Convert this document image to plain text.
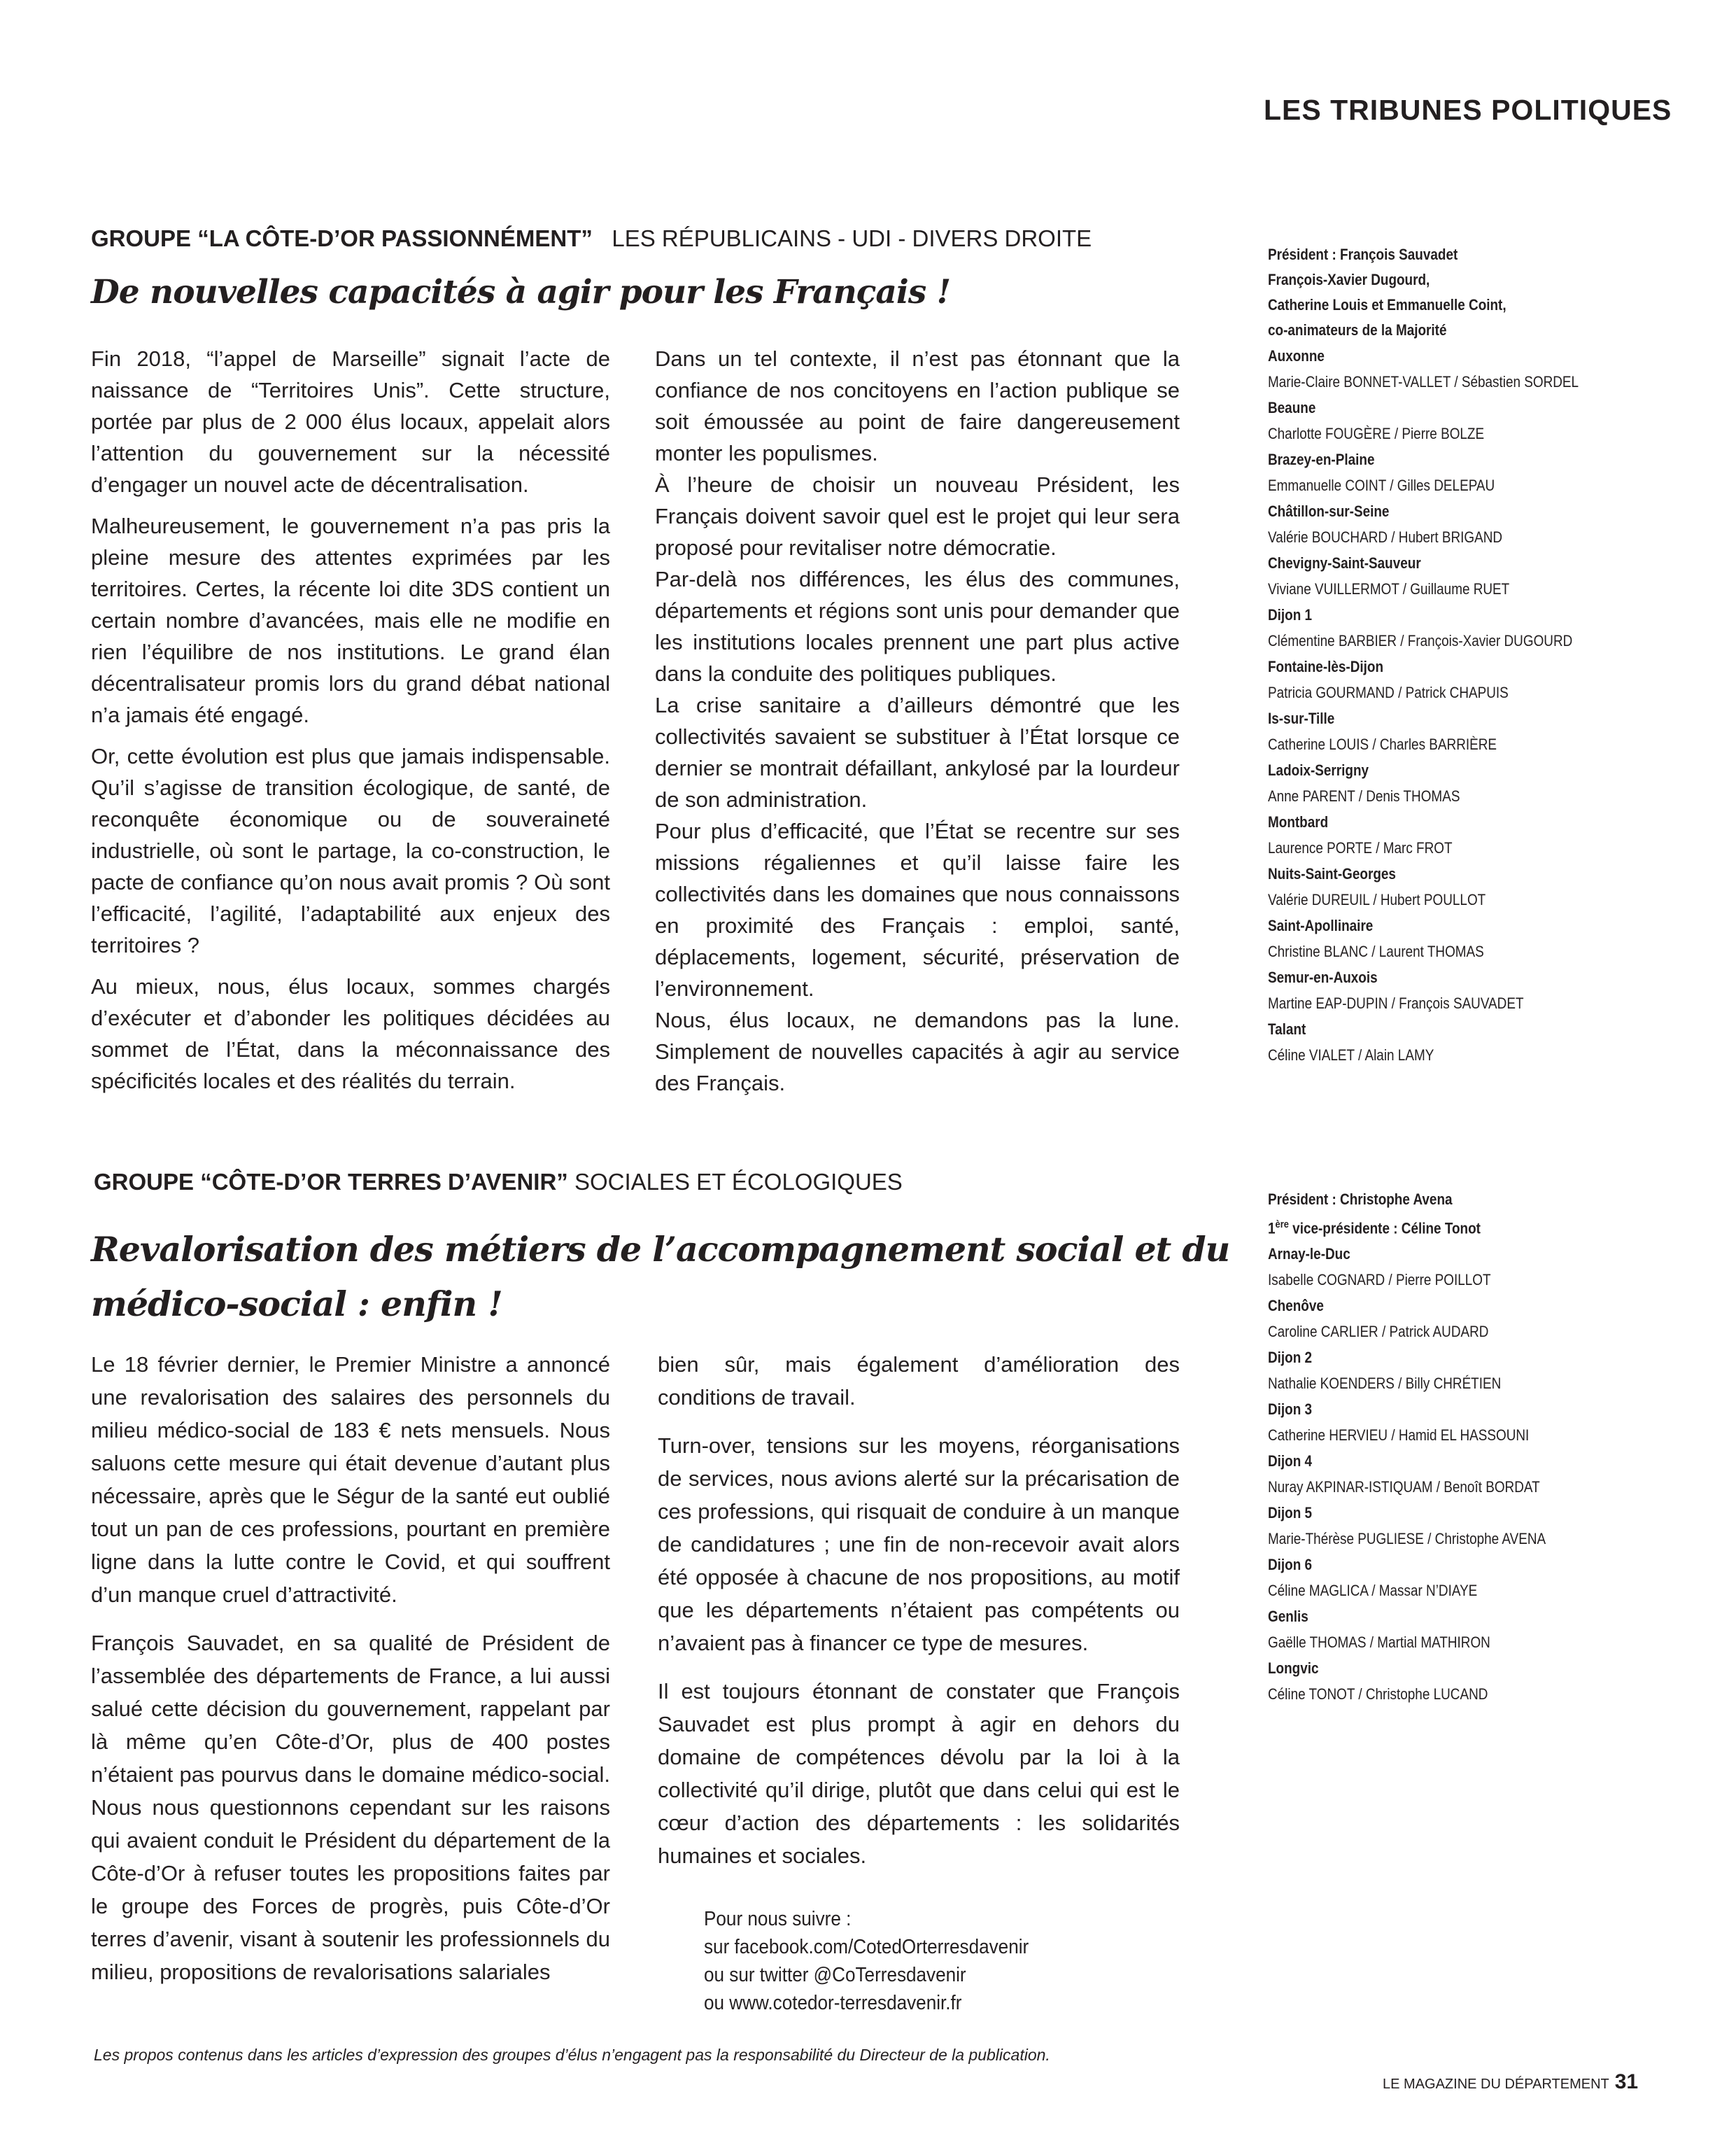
LES TRIBUNES POLITIQUES
GROUPE “LA CÔTE-D’OR PASSIONNÉMENT” LES RÉPUBLICAINS - UDI - DIVERS DROITE
De nouvelles capacités à agir pour les Français !

Fin 2018, “l’appel de Marseille” signait l’acte de naissance de “Territoires Unis”. Cette structure, portée par plus de 2 000 élus locaux, appelait alors l’attention du gouvernement sur la nécessité d’engager un nouvel acte de décentralisation.

Malheureusement, le gouvernement n’a pas pris la pleine mesure des attentes exprimées par les territoires. Certes, la récente loi dite 3DS contient un certain nombre d’avancées, mais elle ne modifie en rien l’équilibre de nos institutions. Le grand élan décentralisateur promis lors du grand débat national n’a jamais été engagé.

Or, cette évolution est plus que jamais indispensable. Qu’il s’agisse de transition écologique, de santé, de reconquête économique ou de souveraineté industrielle, où sont le partage, la co-construction, le pacte de confiance qu’on nous avait promis ? Où sont l’efficacité, l’agilité, l’adaptabilité aux enjeux des territoires ?

Au mieux, nous, élus locaux, sommes chargés d’exécuter et d’abonder les politiques décidées au sommet de l’État, dans la méconnaissance des spécificités locales et des réalités du terrain.

Dans un tel contexte, il n’est pas étonnant que la confiance de nos concitoyens en l’action publique se soit émoussée au point de faire dangereusement monter les populismes.

À l’heure de choisir un nouveau Président, les Français doivent savoir quel est le projet qui leur sera proposé pour revitaliser notre démocratie.

Par-delà nos différences, les élus des communes, départements et régions sont unis pour demander que les institutions locales prennent une part plus active dans la conduite des politiques publiques.

La crise sanitaire a d’ailleurs démontré que les collectivités savaient se substituer à l’État lorsque ce dernier se montrait défaillant, ankylosé par la lourdeur de son administration.

Pour plus d’efficacité, que l’État se recentre sur ses missions régaliennes et qu’il laisse faire les collectivités dans les domaines que nous connaissons en proximité des Français : emploi, santé, déplacements, logement, sécurité, préservation de l’environnement.

Nous, élus locaux, ne demandons pas la lune. Simplement de nouvelles capacités à agir au service des Français.

Président : François Sauvadet
François-Xavier Dugourd,
Catherine Louis et Emmanuelle Coint,
co-animateurs de la Majorité
Auxonne
Marie-Claire BONNET-VALLET / Sébastien SORDEL
Beaune
Charlotte FOUGÈRE / Pierre BOLZE
Brazey-en-Plaine
Emmanuelle COINT / Gilles DELEPAU
Châtillon-sur-Seine
Valérie BOUCHARD / Hubert BRIGAND
Chevigny-Saint-Sauveur
Viviane VUILLERMOT / Guillaume RUET
Dijon 1
Clémentine BARBIER / François-Xavier DUGOURD
Fontaine-lès-Dijon
Patricia GOURMAND / Patrick CHAPUIS
Is-sur-Tille
Catherine LOUIS / Charles BARRIÈRE
Ladoix-Serrigny
Anne PARENT / Denis THOMAS
Montbard
Laurence PORTE / Marc FROT
Nuits-Saint-Georges
Valérie DUREUIL / Hubert POULLOT
Saint-Apollinaire
Christine BLANC / Laurent THOMAS
Semur-en-Auxois
Martine EAP-DUPIN / François SAUVADET
Talant
Céline VIALET / Alain LAMY
GROUPE “CÔTE-D’OR TERRES D’AVENIR” SOCIALES ET ÉCOLOGIQUES
Revalorisation des métiers de l’accompagnement social et du
médico-social : enfin !

Le 18 février dernier, le Premier Ministre a annoncé une revalorisation des salaires des personnels du milieu médico-social de 183 € nets mensuels. Nous saluons cette mesure qui était devenue d’autant plus nécessaire, après que le Ségur de la santé eut oublié tout un pan de ces professions, pourtant en première ligne dans la lutte contre le Covid, et qui souffrent d’un manque cruel d’attractivité.

François Sauvadet, en sa qualité de Président de l’assemblée des départements de France, a lui aussi salué cette décision du gouvernement, rappelant par là même qu’en Côte-d’Or, plus de 400 postes n’étaient pas pourvus dans le domaine médico-social. Nous nous questionnons cependant sur les raisons qui avaient conduit le Président du département de la Côte-d’Or à refuser toutes les propositions faites par le groupe des Forces de progrès, puis Côte-d’Or terres d’avenir, visant à soutenir les professionnels du milieu, propositions de revalorisations salariales

bien sûr, mais également d’amélioration des conditions de travail.

Turn-over, tensions sur les moyens, réorganisations de services, nous avions alerté sur la précarisation de ces professions, qui risquait de conduire à un manque de candidatures ; une fin de non-recevoir avait alors été opposée à chacune de nos propositions, au motif que les départements n’étaient pas compétents ou n’avaient pas à financer ce type de mesures.

Il est toujours étonnant de constater que François Sauvadet est plus prompt à agir en dehors du domaine de compétences dévolu par la loi à la collectivité qu’il dirige, plutôt que dans celui qui est le cœur d’action des départements : les solidarités humaines et sociales.

Pour nous suivre :
sur facebook.com/CotedOrterresdavenir
ou sur twitter @CoTerresdavenir
ou www.cotedor-terresdavenir.fr
Président : Christophe Avena
1ère vice-présidente : Céline Tonot
Arnay-le-Duc
Isabelle COGNARD / Pierre POILLOT
Chenôve
Caroline CARLIER / Patrick AUDARD
Dijon 2
Nathalie KOENDERS / Billy CHRÉTIEN
Dijon 3
Catherine HERVIEU / Hamid EL HASSOUNI
Dijon 4
Nuray AKPINAR-ISTIQUAM / Benoît BORDAT
Dijon 5
Marie-Thérèse PUGLIESE / Christophe AVENA
Dijon 6
Céline MAGLICA / Massar N’DIAYE
Genlis
Gaëlle THOMAS / Martial MATHIRON
Longvic
Céline TONOT / Christophe LUCAND
Les propos contenus dans les articles d’expression des groupes d’élus n’engagent pas la responsabilité du Directeur de la publication.
LE MAGAZINE DU DÉPARTEMENT 31
